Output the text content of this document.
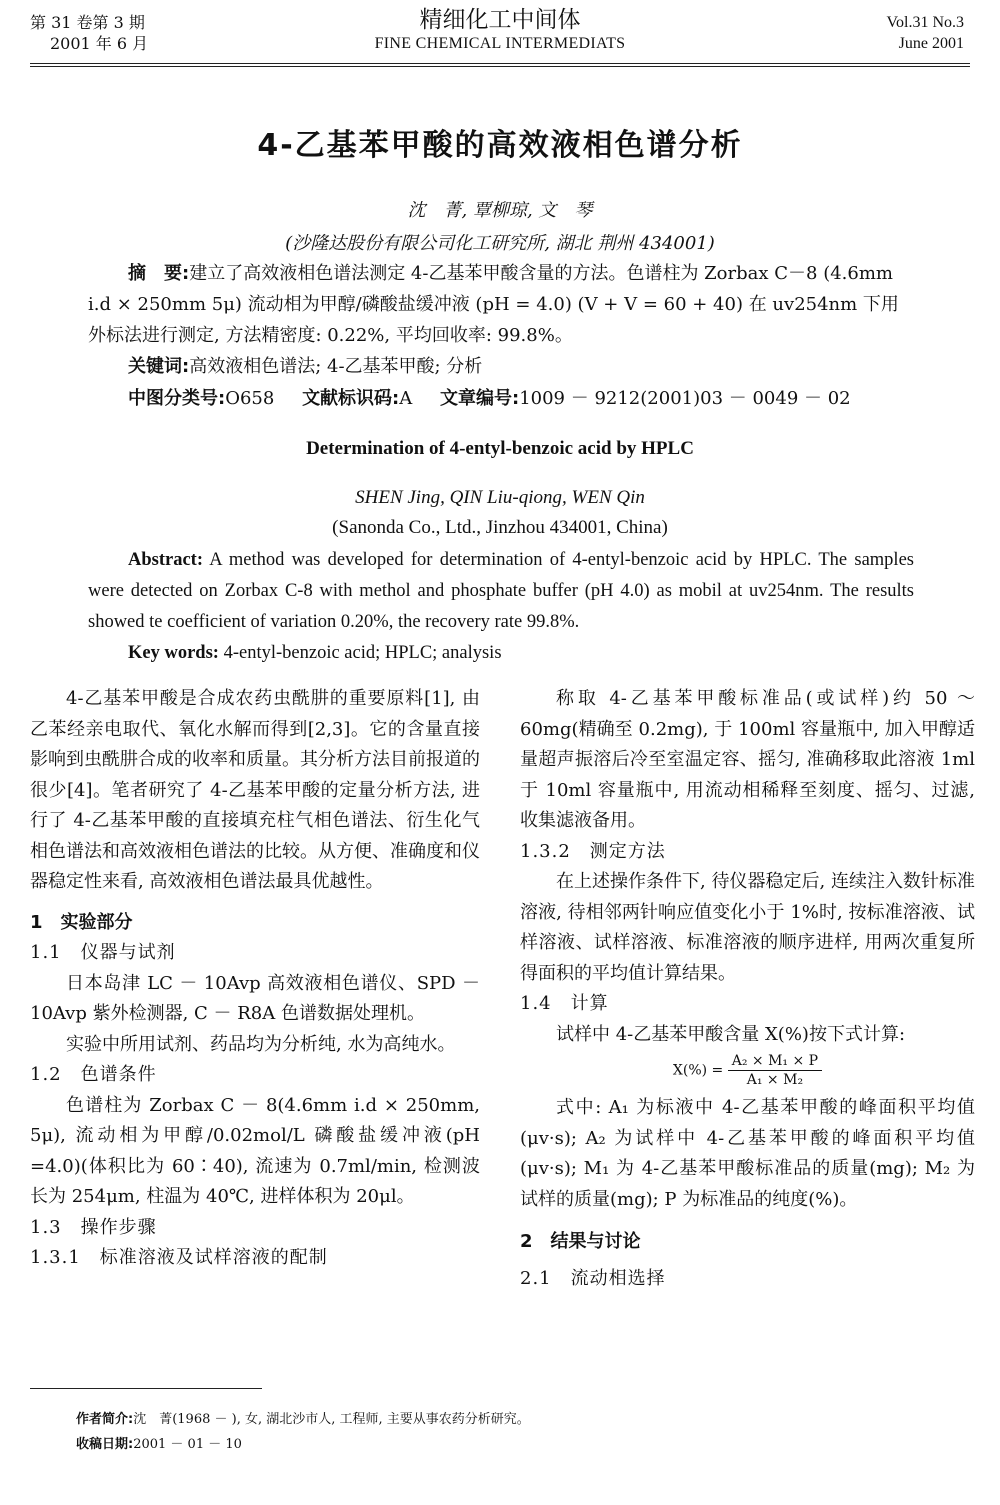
第 31 卷第 3 期
2001 年 6 月
精细化工中间体
FINE CHEMICAL INTERMEDIATS
Vol.31 No.3
June 2001
4-乙基苯甲酸的高效液相色谱分析
沈　菁, 覃柳琼, 文　琴
(沙隆达股份有限公司化工研究所, 湖北 荆州 434001)
摘　要:建立了高效液相色谱法测定 4-乙基苯甲酸含量的方法。色谱柱为 Zorbax C－8 (4.6mm i.d × 250mm 5μ) 流动相为甲醇/磷酸盐缓冲液 (pH = 4.0) (V + V = 60 + 40) 在 uv254nm 下用外标法进行测定, 方法精密度: 0.22%, 平均回收率: 99.8%。
关键词:高效液相色谱法; 4-乙基苯甲酸; 分析
中图分类号:O658 文献标识码:A 文章编号:1009 － 9212(2001)03 － 0049 － 02
Determination of 4-entyl-benzoic acid by HPLC
SHEN Jing, QIN Liu-qiong, WEN Qin
(Sanonda Co., Ltd., Jinzhou 434001, China)
Abstract: A method was developed for determination of 4-entyl-benzoic acid by HPLC. The samples were detected on Zorbax C-8 with methol and phosphate buffer (pH 4.0) as mobil at uv254nm. The results showed te coefficient of variation 0.20%, the recovery rate 99.8%.
Key words: 4-entyl-benzoic acid; HPLC; analysis

4-乙基苯甲酸是合成农药虫酰肼的重要原料[1], 由乙苯经亲电取代、氧化水解而得到[2,3]。它的含量直接影响到虫酰肼合成的收率和质量。其分析方法目前报道的很少[4]。笔者研究了 4-乙基苯甲酸的定量分析方法, 进行了 4-乙基苯甲酸的直接填充柱气相色谱法、衍生化气相色谱法和高效液相色谱法的比较。从方便、准确度和仪器稳定性来看, 高效液相色谱法最具优越性。

1　实验部分

1.1　仪器与试剂

日本岛津 LC － 10Avp 高效液相色谱仪、SPD － 10Avp 紫外检测器, C － R8A 色谱数据处理机。

实验中所用试剂、药品均为分析纯, 水为高纯水。

1.2　色谱条件

色谱柱为 Zorbax C － 8(4.6mm i.d × 250mm, 5μ), 流动相为甲醇/0.02mol/L 磷酸盐缓冲液(pH =4.0)(体积比为 60∶40), 流速为 0.7ml/min, 检测波长为 254μm, 柱温为 40℃, 进样体积为 20μl。

1.3　操作步骤

1.3.1　标准溶液及试样溶液的配制

称取 4-乙基苯甲酸标准品(或试样)约 50 ～ 60mg(精确至 0.2mg), 于 100ml 容量瓶中, 加入甲醇适量超声振溶后冷至室温定容、摇匀, 准确移取此溶液 1ml 于 10ml 容量瓶中, 用流动相稀释至刻度、摇匀、过滤, 收集滤液备用。

1.3.2　测定方法

在上述操作条件下, 待仪器稳定后, 连续注入数针标准溶液, 待相邻两针响应值变化小于 1%时, 按标准溶液、试样溶液、试样溶液、标准溶液的顺序进样, 用两次重复所得面积的平均值计算结果。

1.4　计算

试样中 4-乙基苯甲酸含量 X(%)按下式计算:

$X(\%) = \frac{\text{A₂ × M₁ × P}}{\text{A₁ × M₂}}$

式中: A₁ 为标液中 4-乙基苯甲酸的峰面积平均值(μv·s); A₂ 为试样中 4-乙基苯甲酸的峰面积平均值(μv·s); M₁ 为 4-乙基苯甲酸标准品的质量(mg); M₂ 为试样的质量(mg); P 为标准品的纯度(%)。

2　结果与讨论

2.1　流动相选择

作者简介:沈　菁(1968 － ), 女, 湖北沙市人, 工程师, 主要从事农药分析研究。
收稿日期:2001 － 01 － 10
